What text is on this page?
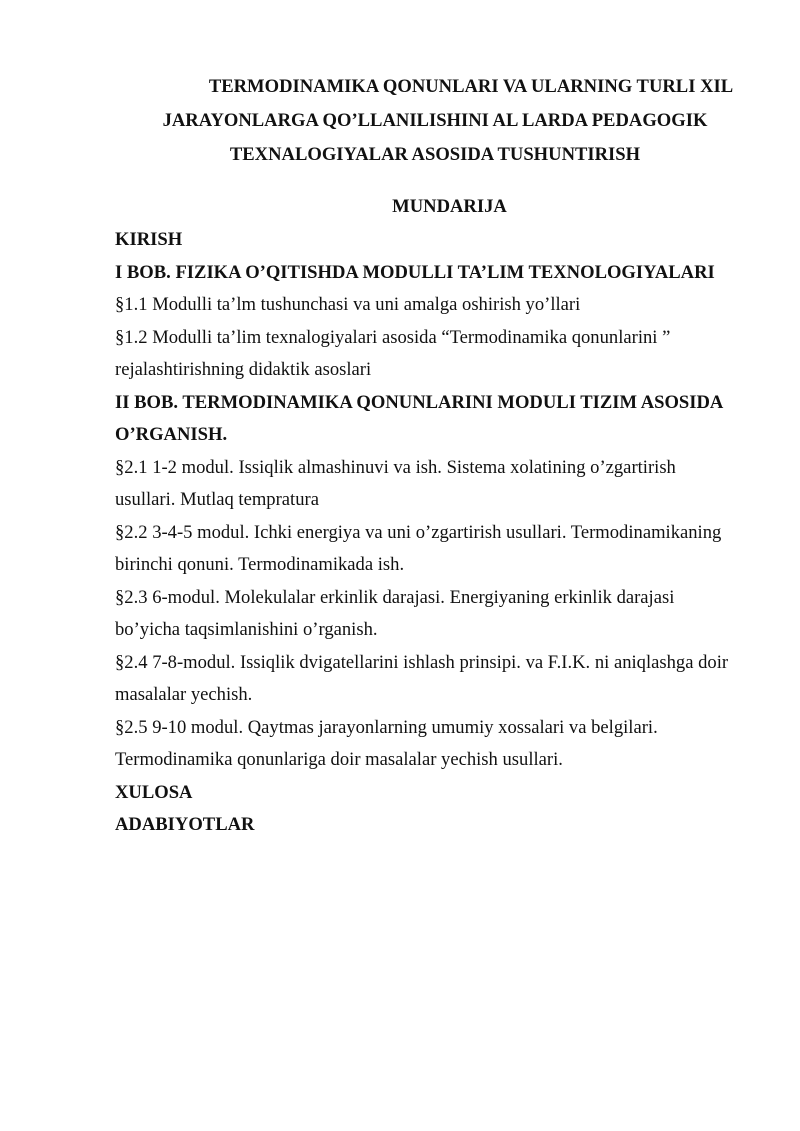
TERMODINAMIKA QONUNLARI VA ULARNING TURLI XIL
JARAYONLARGA QO’LLANILISHINI AL LARDA PEDAGOGIK
TEXNALOGIYALAR ASOSIDA TUSHUNTIRISH
MUNDARIJA
KIRISH
I BOB. FIZIKA O’QITISHDA MODULLI TA’LIM TEXNOLOGIYALARI
§1.1 Modulli ta’lm tushunchasi va uni amalga oshirish yo’llari
§1.2 Modulli ta’lim texnalogiyalari asosida “Termodinamika qonunlarini ”
rejalashtirishning didaktik asoslari
II BOB. TERMODINAMIKA QONUNLARINI MODULI TIZIM ASOSIDA
O’RGANISH.
§2.1 1-2 modul. Issiqlik almashinuvi va ish. Sistema xolatining o’zgartirish
usullari. Mutlaq temprаtura
§2.2 3-4-5 modul. Ichki energiya va uni o’zgartirish usullari. Termodinamikaning
birinchi qonuni. Termodinamikada ish.
§2.3 6-modul. Molekulalar erkinlik darajasi. Energiyaning erkinlik darajasi
bo’yicha taqsimlanishini o’rganish.
§2.4 7-8-modul. Issiqlik dvigatellarini ishlash prinsipi. va F.I.K. ni aniqlashga doir
masalalar yechish.
§2.5 9-10 modul. Qaytmas jarayonlarning umumiy xossalari va belgilari.
Termodinamika qonunlariga doir masalalar yechish usullari.
XULOSA
ADABIYOTLAR
